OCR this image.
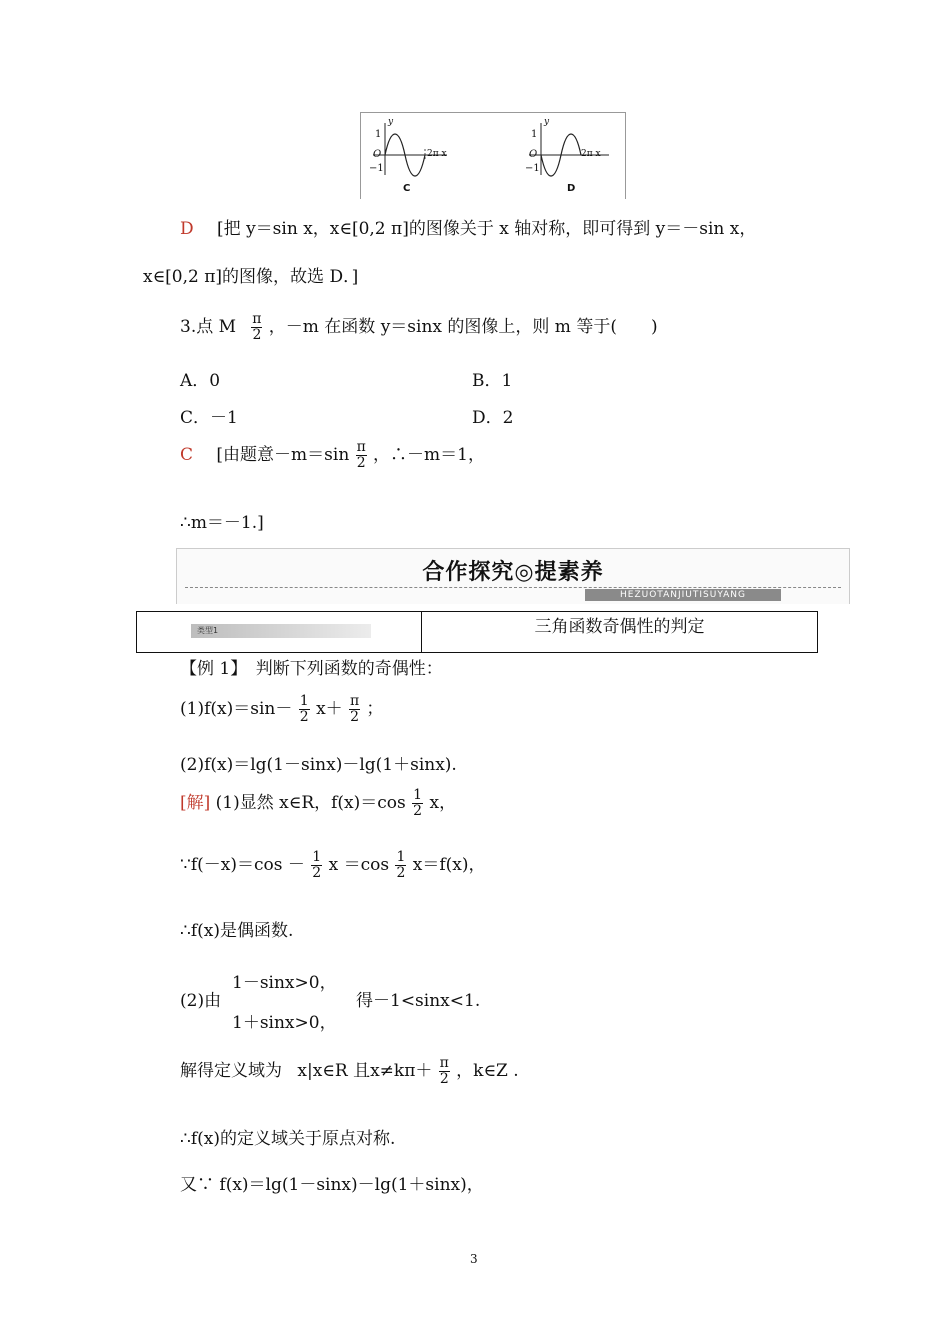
y
1
O
−1
2π x
C
y
1
O
−1
2π x
D
D [把 y＝sin x，x∈[0,2 π]的图像关于 x 轴对称，即可得到 y＝－sin x，
x∈[0,2 π]的图像，故选 D．]
3.点 M $\frac{\pi}{2}$ ，－m 在函数 y＝sinx 的图像上，则 m 等于(　　)
A．0	B．1
C．－1	D．2
C [由题意$-m=\sin \frac{\pi}{2}$ ，∴－m＝1，
∴m＝－1.]
合作探究◎提素养
HEZUOTANJIUTISUYANG
类型1	三角函数奇偶性的判定
【例 1】　判断下列函数的奇偶性：
$(1)f(x)=\sin- \frac{1}{2} x+ \frac{\pi}{2}$ ；
(2)f(x)＝lg(1－sinx)－lg(1＋sinx).
[解] (1)显然 x∈R，$f(x)=\cos \frac{1}{2}$ x，
∵f(－x)＝cos － $\frac{1}{2}$ $x =\cos \frac{1}{2} x=f(x)$，
∴f(x)是偶函数.
(2)由
1－sinx>0，
1＋sinx>0，
得－1<sinx<1.
解得定义域为 x|x∈R 且$x\ne k\pi+ \frac{\pi}{2}$ ，k∈Z .
∴f(x)的定义域关于原点对称.
又∵ f(x)＝lg(1－sinx)－lg(1＋sinx)，
3
